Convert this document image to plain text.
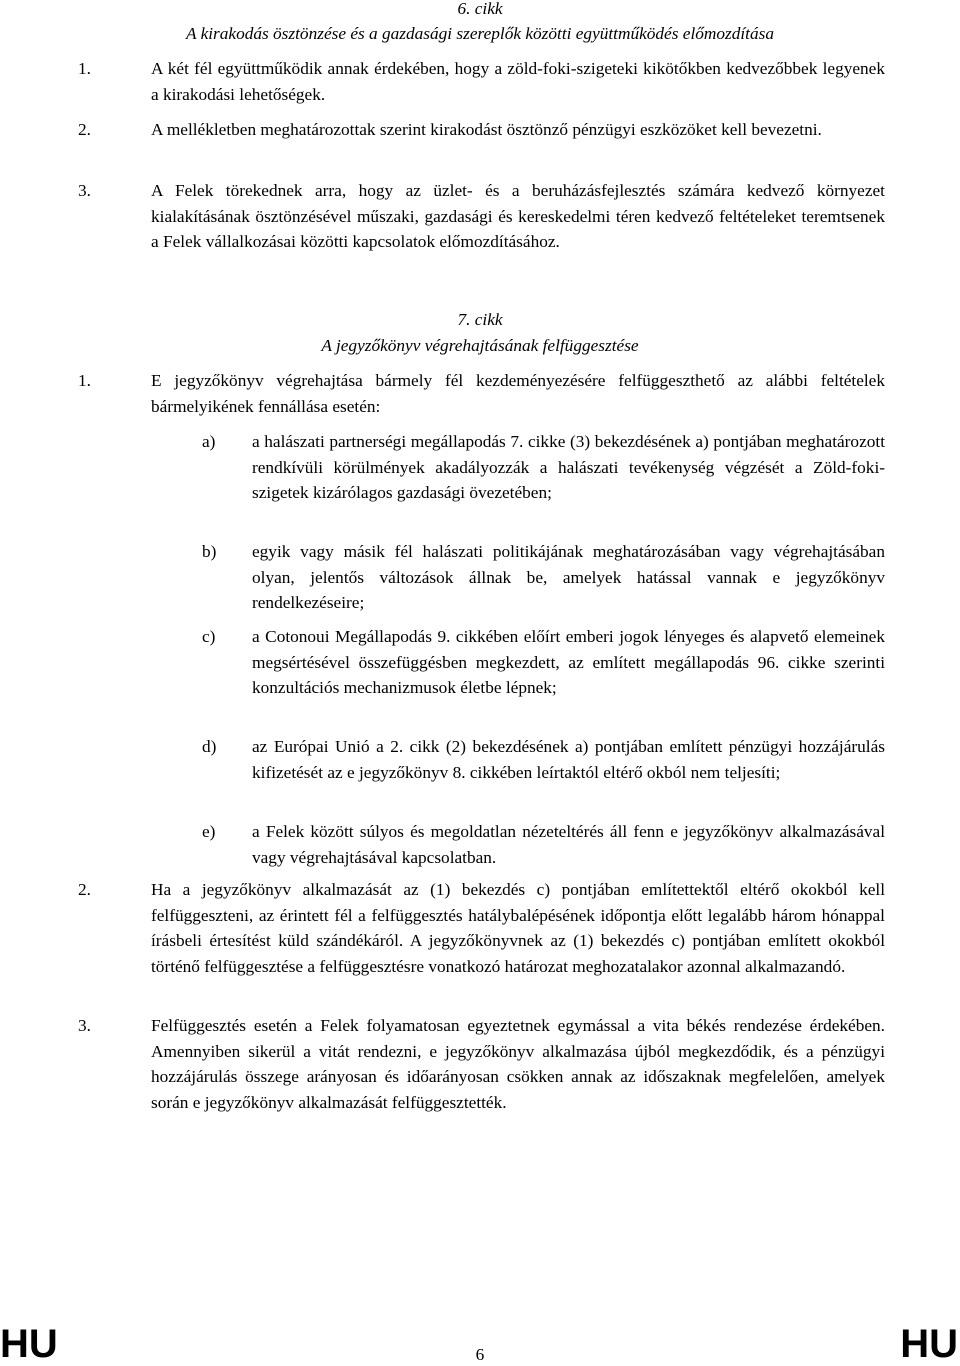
6. cikk

A kirakodás ösztönzése és a gazdasági szereplők közötti együttműködés előmozdítása

1.	A két fél együttműködik annak érdekében, hogy a zöld-foki-szigeteki kikötőkben kedvezőbbek legyenek a kirakodási lehetőségek.

2.	A mellékletben meghatározottak szerint kirakodást ösztönző pénzügyi eszközöket kell bevezetni.

3.	A Felek törekednek arra, hogy az üzlet- és a beruházásfejlesztés számára kedvező környezet kialakításának ösztönzésével műszaki, gazdasági és kereskedelmi téren kedvező feltételeket teremtsenek a Felek vállalkozásai közötti kapcsolatok előmozdításához.

7. cikk

A jegyzőkönyv végrehajtásának felfüggesztése

1.	E jegyzőkönyv végrehajtása bármely fél kezdeményezésére felfüggeszthető az alábbi feltételek bármelyikének fennállása esetén:

a) a halászati partnerségi megállapodás 7. cikke (3) bekezdésének a) pontjában meghatározott rendkívüli körülmények akadályozzák a halászati tevékenység végzését a Zöld-foki-szigetek kizárólagos gazdasági övezetében;

b) egyik vagy másik fél halászati politikájának meghatározásában vagy végrehajtásában olyan, jelentős változások állnak be, amelyek hatással vannak e jegyzőkönyv rendelkezéseire;

c) a Cotonoui Megállapodás 9. cikkében előírt emberi jogok lényeges és alapvető elemeinek megsértésével összefüggésben megkezdett, az említett megállapodás 96. cikke szerinti konzultációs mechanizmusok életbe lépnek;

d) az Európai Unió a 2. cikk (2) bekezdésének a) pontjában említett pénzügyi hozzájárulás kifizetését az e jegyzőkönyv 8. cikkében leírtaktól eltérő okból nem teljesíti;

e) a Felek között súlyos és megoldatlan nézeteltérés áll fenn e jegyzőkönyv alkalmazásával vagy végrehajtásával kapcsolatban.

2.	Ha a jegyzőkönyv alkalmazását az (1) bekezdés c) pontjában említettektől eltérő okokból kell felfüggeszteni, az érintett fél a felfüggesztés hatálybalépésének időpontja előtt legalább három hónappal írásbeli értesítést küld szándékáról. A jegyzőkönyvnek az (1) bekezdés c) pontjában említett okokból történő felfüggesztése a felfüggesztésre vonatkozó határozat meghozatalakor azonnal alkalmazandó.

3.	Felfüggesztés esetén a Felek folyamatosan egyeztetnek egymással a vita békés rendezése érdekében. Amennyiben sikerül a vitát rendezni, e jegyzőkönyv alkalmazása újból megkezdődik, és a pénzügyi hozzájárulás összege arányosan és időarányosan csökken annak az időszaknak megfelelően, amelyek során e jegyzőkönyv alkalmazását felfüggesztették.

HU	6	HU
